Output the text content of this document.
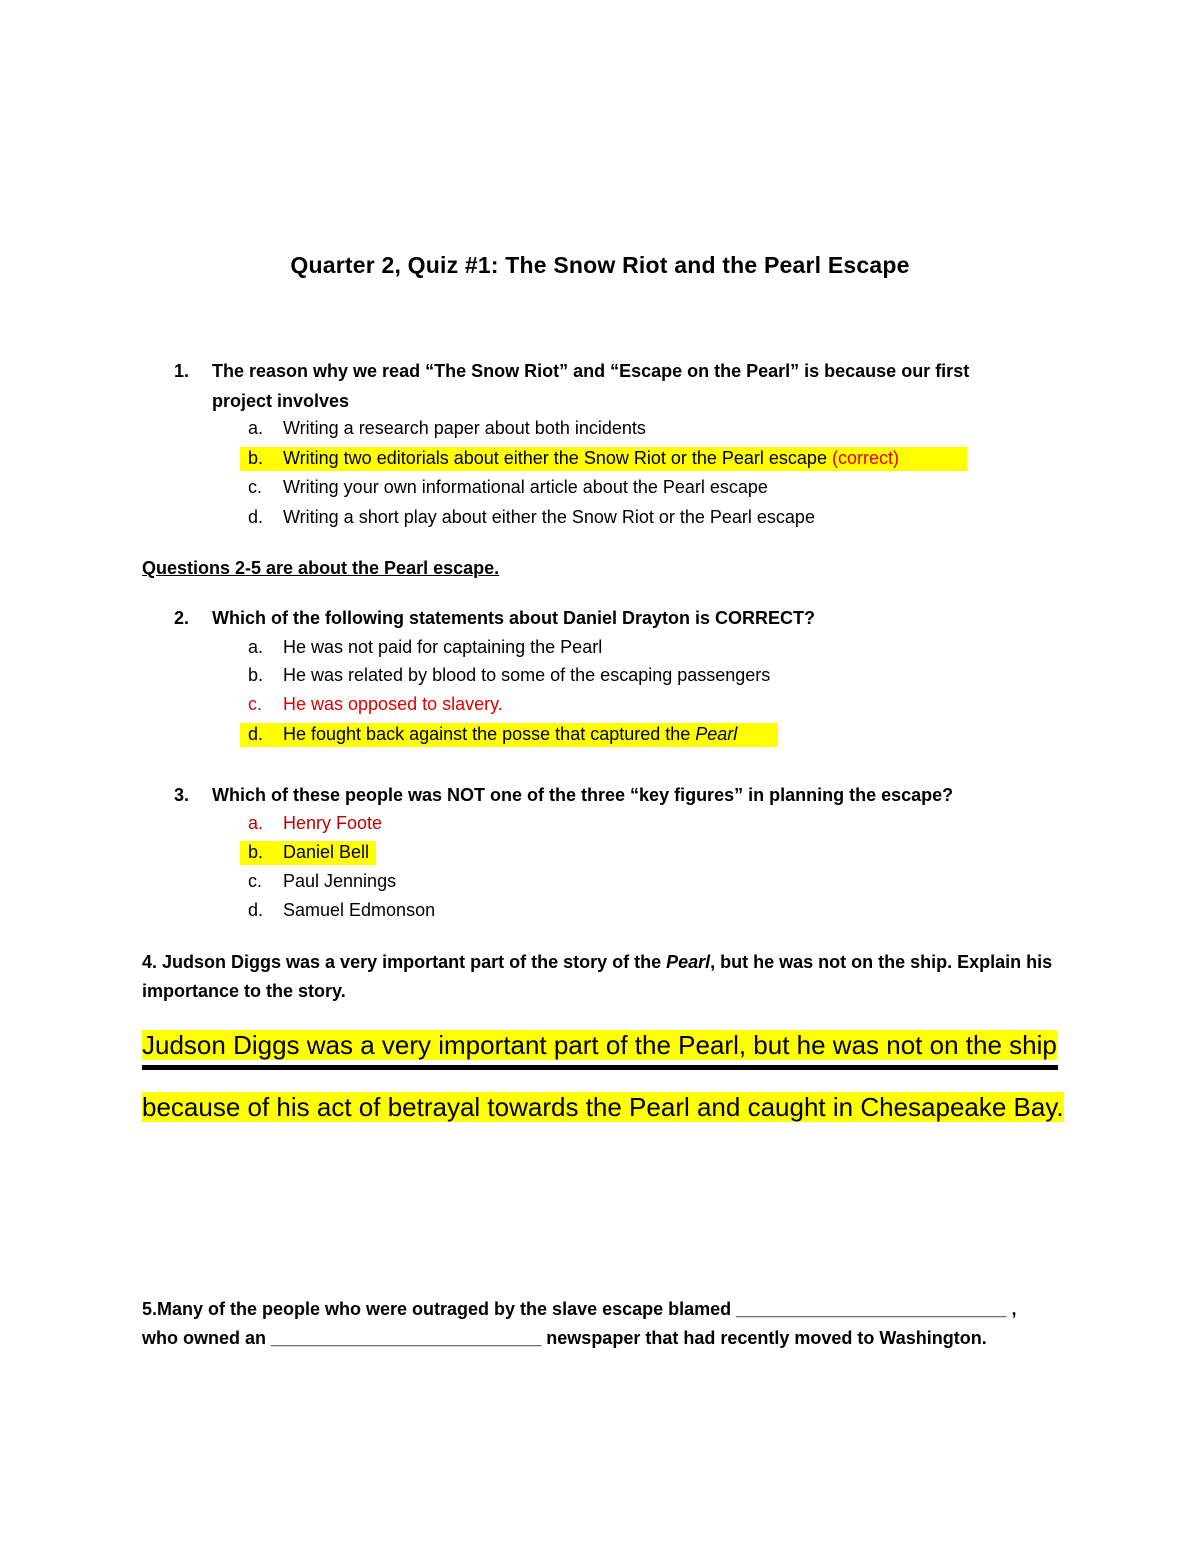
Quarter 2, Quiz #1: The Snow Riot and the Pearl Escape
1. The reason why we read “The Snow Riot” and “Escape on the Pearl” is because our first project involves
a. Writing a research paper about both incidents
b. Writing two editorials about either the Snow Riot or the Pearl escape (correct)
c. Writing your own informational article about the Pearl escape
d. Writing a short play about either the Snow Riot or the Pearl escape
Questions 2-5 are about the Pearl escape.
2. Which of the following statements about Daniel Drayton is CORRECT?
a. He was not paid for captaining the Pearl
b. He was related by blood to some of the escaping passengers
c. He was opposed to slavery.
d. He fought back against the posse that captured the Pearl
3. Which of these people was NOT one of the three “key figures” in planning the escape?
a. Henry Foote
b. Daniel Bell
c. Paul Jennings
d. Samuel Edmonson
4. Judson Diggs was a very important part of the story of the Pearl, but he was not on the ship. Explain his importance to the story.
Judson Diggs was a very important part of the Pearl, but he was not on the ship
because of his act of betrayal towards the Pearl and caught in Chesapeake Bay.
5.Many of the people who were outraged by the slave escape blamed ___________________________ ,
who owned an ___________________________ newspaper that had recently moved to Washington.
